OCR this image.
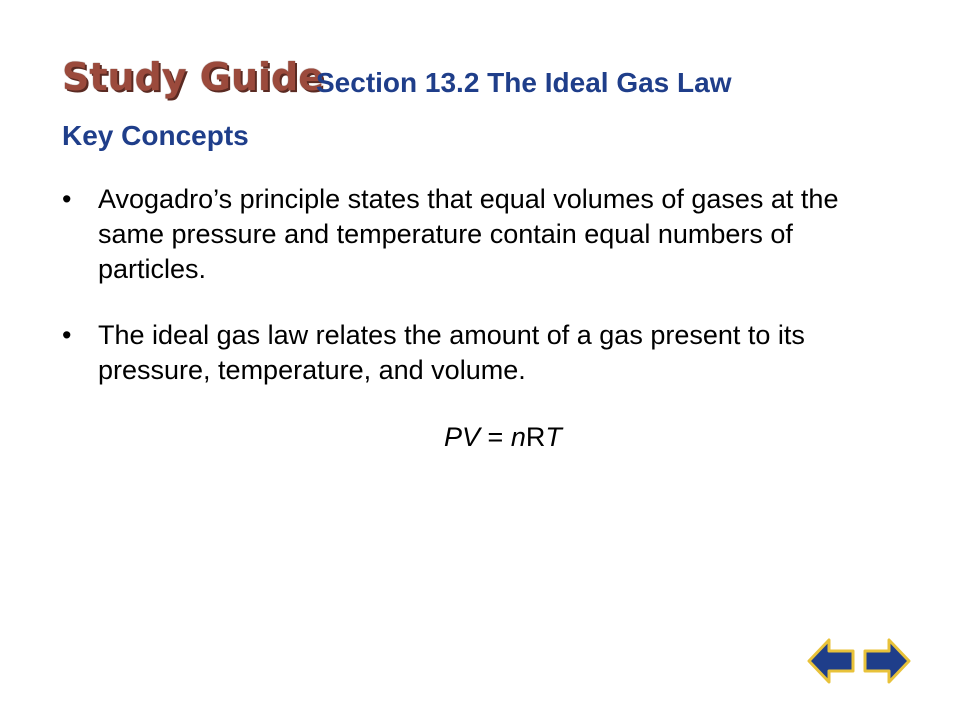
Study Guide
Section 13.2 The Ideal Gas Law
Key Concepts
• Avogadro’s principle states that equal volumes of gases at the same pressure and temperature contain equal numbers of particles.
• The ideal gas law relates the amount of a gas present to its pressure, temperature, and volume.
PV = nRT
